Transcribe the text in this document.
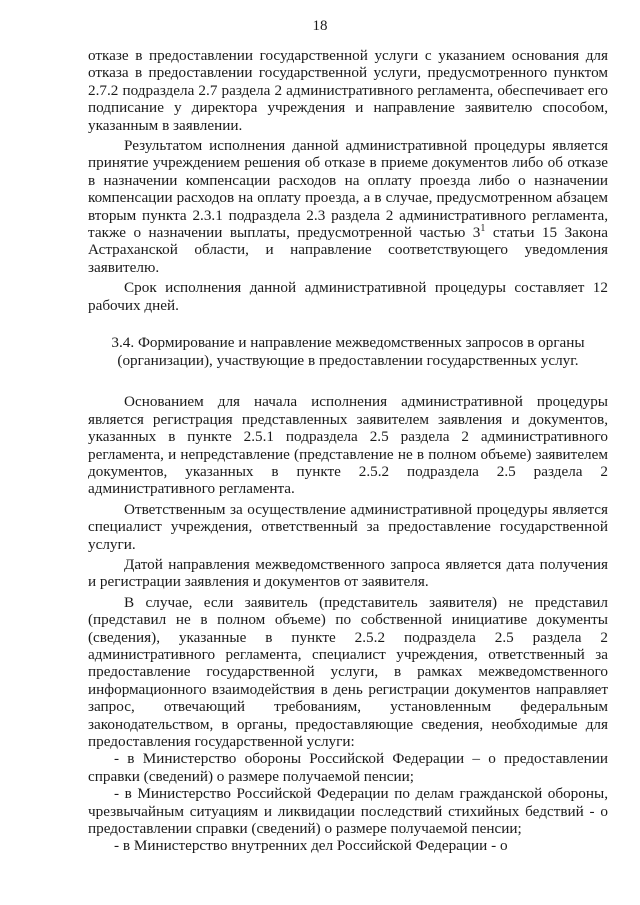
18

отказе в предоставлении государственной услуги с указанием основания для отказа в предоставлении государственной услуги, предусмотренного пунктом 2.7.2 подраздела 2.7 раздела 2 административного регламента, обеспечивает его подписание у директора учреждения и направление заявителю способом, указанным в заявлении.

Результатом исполнения данной административной процедуры является принятие учреждением решения об отказе в приеме документов либо об отказе в назначении компенсации расходов на оплату проезда либо о назначении компенсации расходов на оплату проезда, а в случае, предусмотренном абзацем вторым пункта 2.3.1 подраздела 2.3 раздела 2 административного регламента, также о назначении выплаты, предусмотренной частью $3^1$ статьи 15 Закона Астраханской области, и направление соответствующего уведомления заявителю.

Срок исполнения данной административной процедуры составляет 12 рабочих дней.

3.4. Формирование и направление межведомственных запросов в органы (организации), участвующие в предоставлении государственных услуг.

Основанием для начала исполнения административной процедуры является регистрация представленных заявителем заявления и документов, указанных в пункте 2.5.1 подраздела 2.5 раздела 2 административного регламента, и непредставление (представление не в полном объеме) заявителем документов, указанных в пункте 2.5.2 подраздела 2.5 раздела 2 административного регламента.

Ответственным за осуществление административной процедуры является специалист учреждения, ответственный за предоставление государственной услуги.

Датой направления межведомственного запроса является дата получения и регистрации заявления и документов от заявителя.

В случае, если заявитель (представитель заявителя) не представил (представил не в полном объеме) по собственной инициативе документы (сведения), указанные в пункте 2.5.2 подраздела 2.5 раздела 2 административного регламента, специалист учреждения, ответственный за предоставление государственной услуги, в рамках межведомственного информационного взаимодействия в день регистрации документов направляет запрос, отвечающий требованиям, установленным федеральным законодательством, в органы, предоставляющие сведения, необходимые для предоставления государственной услуги:

- в Министерство обороны Российской Федерации – о предоставлении справки (сведений) о размере получаемой пенсии;

- в Министерство Российской Федерации по делам гражданской обороны, чрезвычайным ситуациям и ликвидации последствий стихийных бедствий - о предоставлении справки (сведений) о размере получаемой пенсии;

- в Министерство внутренних дел Российской Федерации - о
